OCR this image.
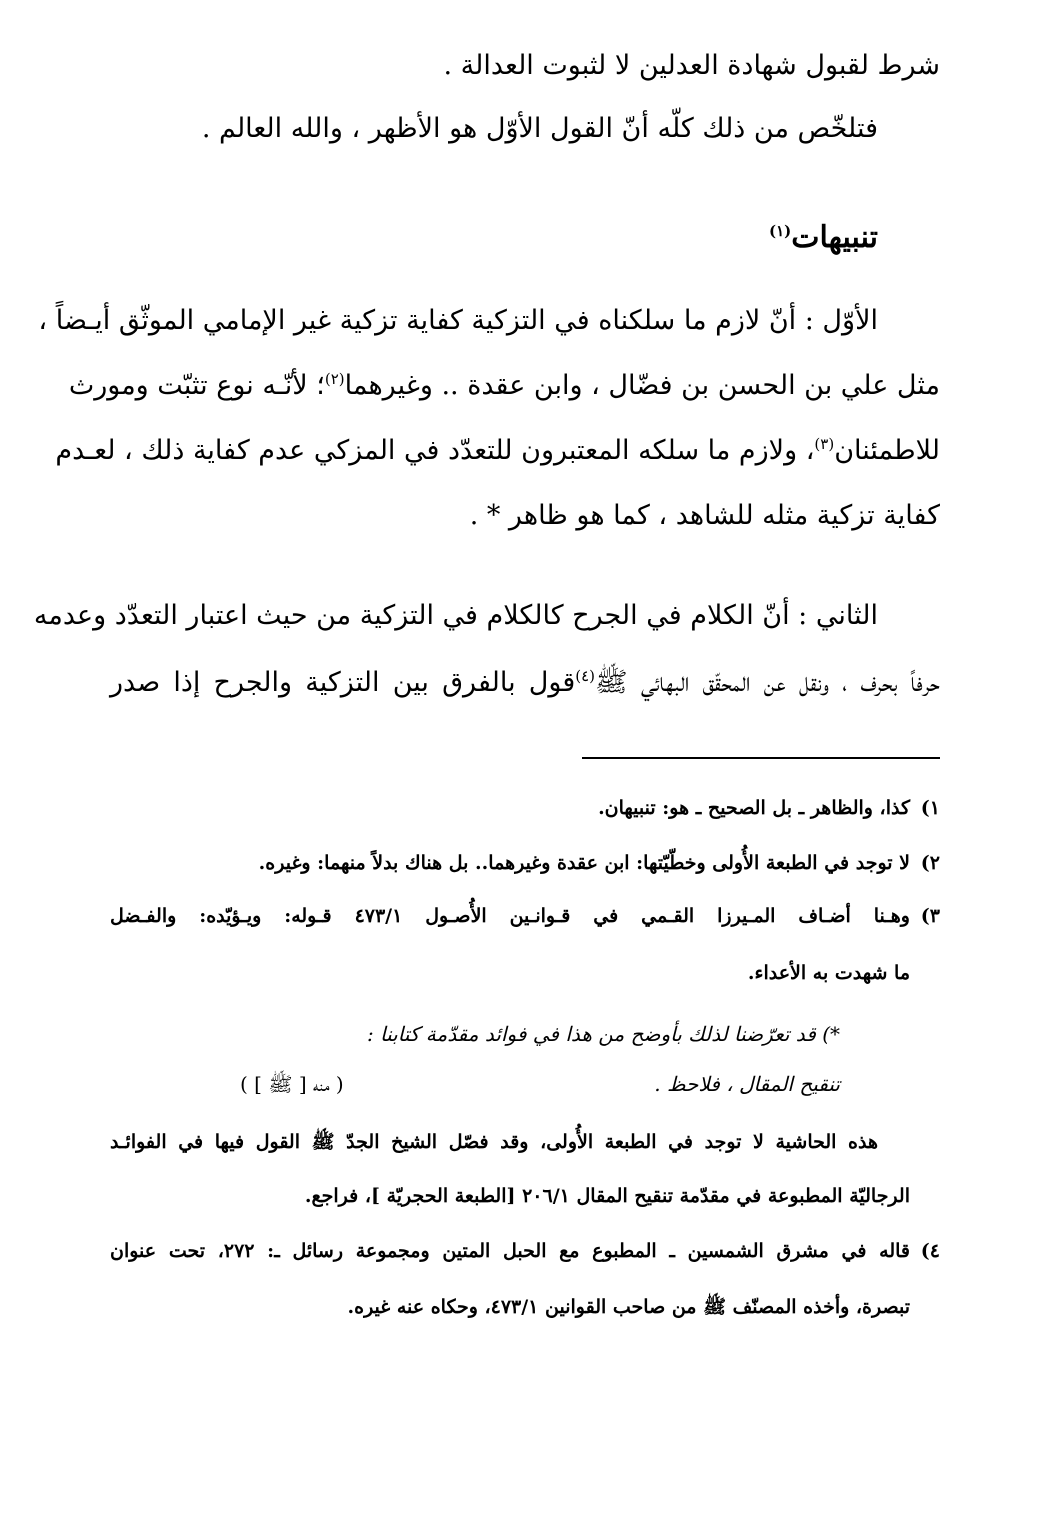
شرط لقبول شهادة العدلين لا لثبوت العدالة .
فتلخّص من ذلك كلّه أنّ القول الأوّل هو الأظهر ، والله العالم .
تنبيهات$^{(١)}$
الأوّل : أنّ لازم ما سلكناه في التزكية كفاية تزكية غير الإمامي الموثّق أيـضاً ،
مثل علي بن الحسن بن فضّال ، وابن عقدة .. وغيرهما$^{(٢)}$؛ لأنّـه نوع تثبّت ومورث
للاطمئنان$^{(٣)}$، ولازم ما سلكه المعتبرون للتعدّد في المزكي عدم كفاية ذلك ، لعـدم
كفاية تزكية مثله للشاهد ، كما هو ظاهر * .
الثاني : أنّ الكلام في الجرح كالكلام في التزكية من حيث اعتبار التعدّد وعدمه
حرفاً بحرف ، ونقل عن المحقّق البهائي ﷺ$^{(٤)}$قول بالفرق بين التزكية والجرح إذا صدر
١)كذا، والظاهر ـ بل الصحيح ـ هو: تنبيهان.
٢)لا توجد في الطبعة الأُولى وخطّيّتها: ابن عقدة وغيرهما.. بل هناك بدلاً منهما: وغيره.
٣)وهـنا أضـاف المـيرزا القـمي في قـوانـين الأُصـول ٤٧٣/١ قـوله: ويـؤيّده: والفـضل
ما شهدت به الأعداء.
*) قد تعرّضنا لذلك بأوضح من هذا في فوائد مقدّمة كتابنا :
تنقيح المقال ، فلاحظ .
( منه [ ﷺ ] )
هذه الحاشية لا توجد في الطبعة الأُولى، وقد فصّل الشيخ الجدّ ﷺ القول فيها في الفوائـد
الرجاليّة المطبوعة في مقدّمة تنقيح المقال ٢٠٦/١ [الطبعة الحجريّة ]، فراجع.
٤)قاله في مشرق الشمسين ـ المطبوع مع الحبل المتين ومجموعة رسائل ـ: ٢٧٢، تحت عنوان
تبصرة، وأخذه المصنّف ﷺ من صاحب القوانين ٤٧٣/١، وحكاه عنه غيره.
